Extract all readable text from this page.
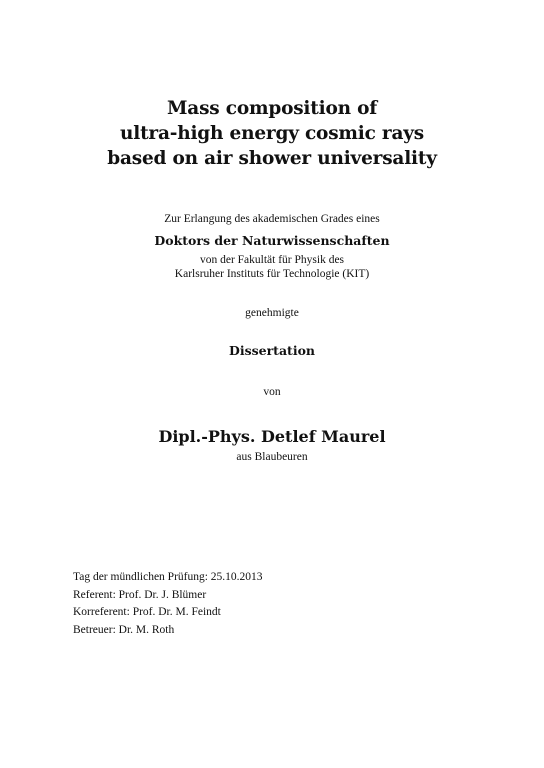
Mass composition of
ultra-high energy cosmic rays
based on air shower universality
Zur Erlangung des akademischen Grades eines
Doktors der Naturwissenschaften
von der Fakultät für Physik des
Karlsruher Instituts für Technologie (KIT)
genehmigte
Dissertation
von
Dipl.-Phys. Detlef Maurel
aus Blaubeuren
Tag der mündlichen Prüfung: 25.10.2013
Referent: Prof. Dr. J. Blümer
Korreferent: Prof. Dr. M. Feindt
Betreuer: Dr. M. Roth
